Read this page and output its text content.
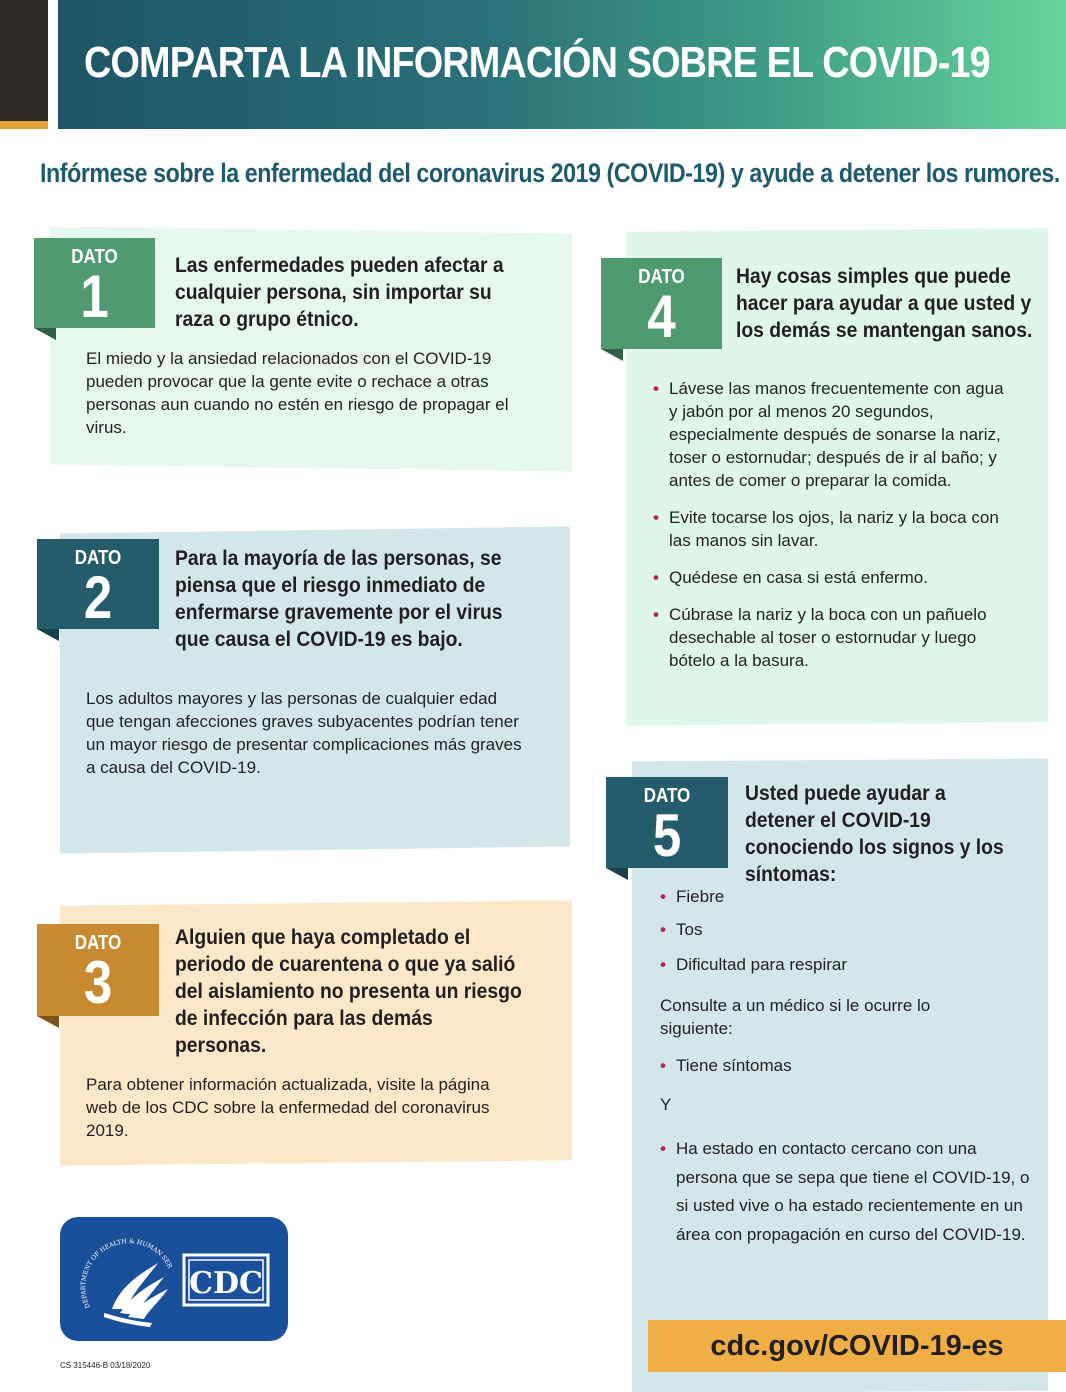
COMPARTA LA INFORMACIÓN SOBRE EL COVID-19
Infórmese sobre la enfermedad del coronavirus 2019 (COVID-19) y ayude a detener los rumores.
DATO
1	Las enfermedades pueden afectar a cualquier persona, sin importar su raza o grupo étnico.

El miedo y la ansiedad relacionados con el COVID-19 pueden provocar que la gente evite o rechace a otras personas aun cuando no estén en riesgo de propagar el virus.

DATO
2
Para la mayoría de las personas, se piensa que el riesgo inmediato de enfermarse gravemente por el virus que causa el COVID-19 es bajo.

Los adultos mayores y las personas de cualquier edad que tengan afecciones graves subyacentes podrían tener un mayor riesgo de presentar complicaciones más graves a causa del COVID-19.

DATO
3
Alguien que haya completado el periodo de cuarentena o que ya salió del aislamiento no presenta un riesgo de infección para las demás personas.

Para obtener información actualizada, visite la página web de los CDC sobre la enfermedad del coronavirus 2019.

DATO
4
Hay cosas simples que puede hacer para ayudar a que usted y los demás se mantengan sanos.
• Lávese las manos frecuentemente con agua y jabón por al menos 20 segundos, especialmente después de sonarse la nariz, toser o estornudar; después de ir al baño; y antes de comer o preparar la comida.
• Evite tocarse los ojos, la nariz y la boca con las manos sin lavar.
• Quédese en casa si está enfermo.
• Cúbrase la nariz y la boca con un pañuelo desechable al toser o estornudar y luego bótelo a la basura.
DATO
5
Usted puede ayudar a detener el COVID-19 conociendo los signos y los síntomas:
• Fiebre
• Tos
• Dificultad para respirar

Consulte a un médico si le ocurre lo siguiente:

• Tiene síntomas

Y

• Ha estado en contacto cercano con una persona que se sepa que tiene el COVID-19, o si usted vive o ha estado recientemente en un área con propagación en curso del COVID-19.
cdc.gov/COVID-19-es
DEPARTMENT OF HEALTH & HUMAN SER
CDC
CS 315446-B 03/18/2020
